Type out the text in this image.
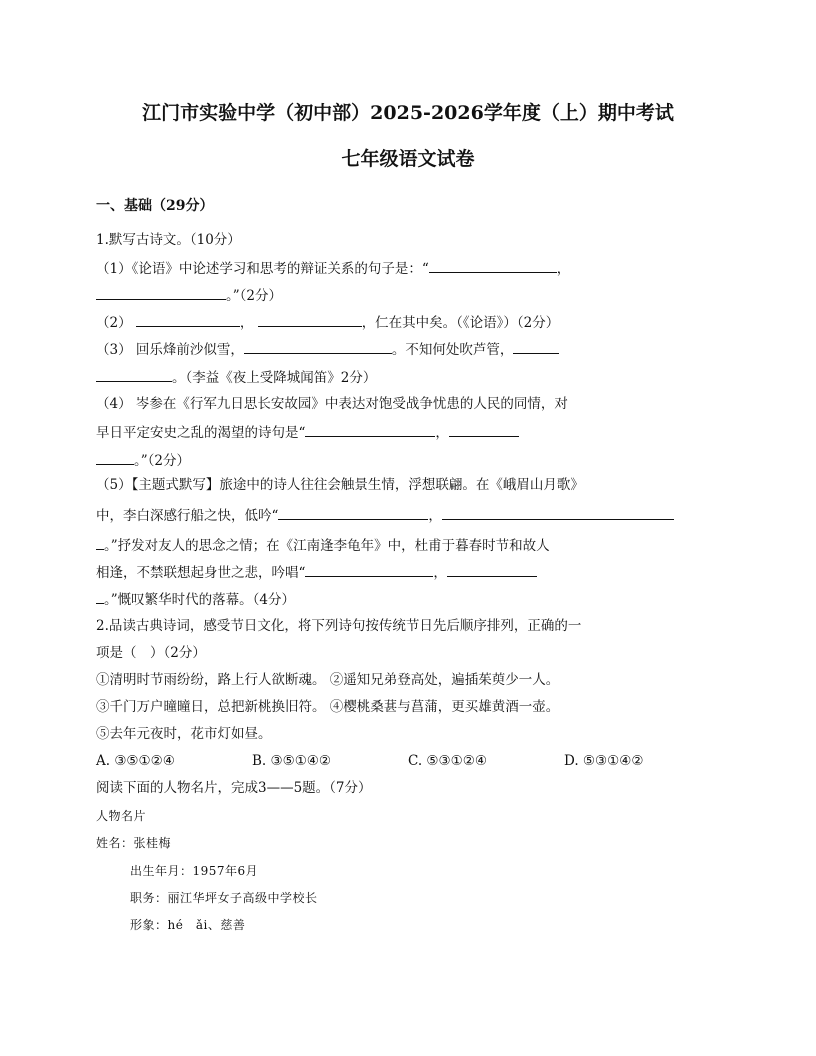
江门市实验中学（初中部）2025-2026学年度（上）期中考试
七年级语文试卷
一、基础（29分）
1.默写古诗文。（10分）
（1）《论语》中论述学习和思考的辩证关系的句子是：“	，
。”（2分）
（2）	，	，仁在其中矣。（《论语》）（2分）
（3） 回乐烽前沙似雪，	。不知何处吹芦管，
。（李益《夜上受降城闻笛》2分）
（4） 岑参在《行军九日思长安故园》中表达对饱受战争忧患的人民的同情，对
早日平定安史之乱的渴望的诗句是“	，
。”（2分）
（5）【主题式默写】旅途中的诗人往往会触景生情，浮想联翩。在《峨眉山月歌》
中，李白深感行船之快，低吟“	，
。”抒发对友人的思念之情；在《江南逢李龟年》中，杜甫于暮春时节和故人
相逢，不禁联想起身世之悲，吟唱“	，
。”慨叹繁华时代的落幕。（4分）
2.品读古典诗词，感受节日文化，将下列诗句按传统节日先后顺序排列，正确的一
项是（　）（2分）
①清明时节雨纷纷，路上行人欲断魂。 ②遥知兄弟登高处，遍插茱萸少一人。
③千门万户曈曈日，总把新桃换旧符。 ④樱桃桑葚与菖蒲，更买雄黄酒一壶。
⑤去年元夜时，花市灯如昼。
A. ③⑤①②④	B. ③⑤①④②	C. ⑤③①②④	D. ⑤③①④②
阅读下面的人物名片，完成3——5题。（7分）
人物名片
姓名：张桂梅
出生年月：1957年6月
职务：丽江华坪女子高级中学校长
形象：hé　ǎi、慈善
